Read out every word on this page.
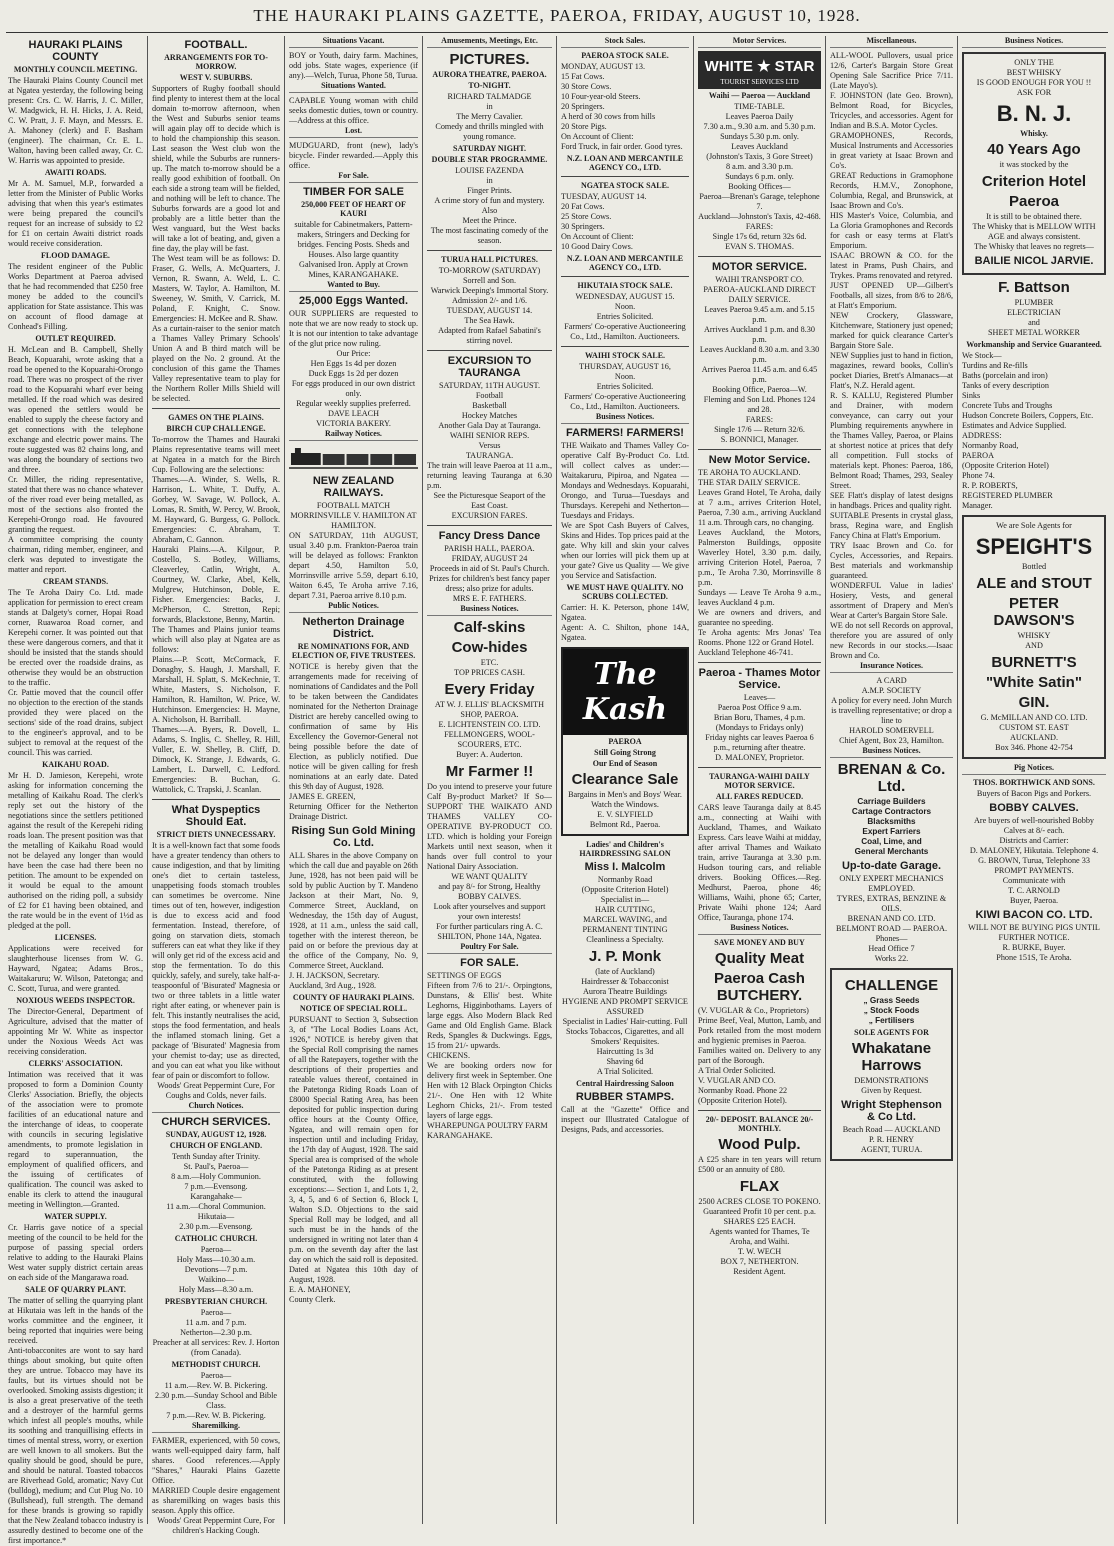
THE HAURAKI PLAINS GAZETTE, PAEROA, FRIDAY, AUGUST 10, 1928.
HAURAKI PLAINS COUNTY
MONTHLY COUNCIL MEETING.

The Hauraki Plains County Council met at Ngatea yesterday, the following being present: Crs. C. W. Harris, J. C. Miller, W. Madgwick, H. H. Hicks, J. A. Reid, C. W. Pratt, J. F. Mayn, and Messrs. E. A. Mahoney (clerk) and F. Basham (engineer). The chairman, Cr. E. L. Walton, having been called away, Cr. C. W. Harris was appointed to preside.

AWAITI ROADS.

Mr A. M. Samuel, M.P., forwarded a letter from the Minister of Public Works advising that when this year's estimates were being prepared the council's request for an increase of subsidy to £2 for £1 on certain Awaiti district roads would receive consideration.

FLOOD DAMAGE.

The resident engineer of the Public Works Department at Paeroa advised that he had recommended that £250 free money be added to the council's application for State assistance. This was on account of flood damage at Conhead's Filling.

OUTLET REQUIRED.

H. McLean and B. Campbell, Shelly Beach, Kopuarahi, wrote asking that a road be opened to the Kopuarahi-Orongo road. There was no prospect of the river road to the Kopuarahi wharf ever being metalled. If the road which was desired was opened the settlers would be enabled to supply the cheese factory and get connections with the telephone exchange and electric power mains. The route suggested was 82 chains long, and was along the boundary of sections two and three.

Cr. Miller, the riding representative, stated that there was no chance whatever of the river road ever being metalled, as most of the sections also fronted the Kerepehi-Orongo road. He favoured granting the request.

A committee comprising the county chairman, riding member, engineer, and clerk was deputed to investigate the matter and report.

CREAM STANDS.

The Te Aroha Dairy Co. Ltd. made application for permission to erect cream stands at Dalgety's corner, Hopai Road corner, Ruawaroa Road corner, and Kerepehi corner. It was pointed out that these were dangerous corners, and that it should be insisted that the stands should be erected over the roadside drains, as otherwise they would be an obstruction to the traffic.

Cr. Pattie moved that the council offer no objection to the erection of the stands provided they were placed on the sections' side of the road drains, subject to the engineer's approval, and to be subject to removal at the request of the council. This was carried.

KAIKAHU ROAD.

Mr H. D. Jamieson, Kerepehi, wrote asking for information concerning the metalling of Kaikahu Road. The clerk's reply set out the history of the negotiations since the settlers petitioned against the result of the Kerepehi riding roads loan. The present position was that the metalling of Kaikahu Road would not be delayed any longer than would have been the case had there been no petition. The amount to be expended on it would be equal to the amount authorised on the riding poll, a subsidy of £2 for £1 having been obtained, and the rate would be in the event of 1½d as pledged at the poll.

LICENSES.

Applications were received for slaughterhouse licenses from W. G. Hayward, Ngatea; Adams Bros., Waitakaruru; W. Wilson, Patetonga; and C. Scott, Turua, and were granted.

NOXIOUS WEEDS INSPECTOR.

The Director-General, Department of Agriculture, advised that the matter of appointing Mr W. White as inspector under the Noxious Weeds Act was receiving consideration.

CLERKS' ASSOCIATION.

Intimation was received that it was proposed to form a Dominion County Clerks' Association. Briefly, the objects of the association were to promote facilities of an educational nature and the interchange of ideas, to cooperate with councils in securing legislative amendments, to promote legislation in regard to superannuation, the employment of qualified officers, and the issuing of certificates of qualification. The council was asked to enable its clerk to attend the inaugural meeting in Wellington.—Granted.

WATER SUPPLY.

Cr. Harris gave notice of a special meeting of the council to be held for the purpose of passing special orders relative to adding to the Hauraki Plains West water supply district certain areas on each side of the Mangarawa road.

SALE OF QUARRY PLANT.

The matter of selling the quarrying plant at Hikutaia was left in the hands of the works committee and the engineer, it being reported that inquiries were being received.

Anti-tobacconites are wont to say hard things about smoking, but quite often they are untrue. Tobacco may have its faults, but its virtues should not be overlooked. Smoking assists digestion; it is also a great preservative of the teeth and a destroyer of the harmful germs which infest all people's mouths, while its soothing and tranquillising effects in times of mental stress, worry, or exertion are well known to all smokers. But the quality should be good, should be pure, and should be natural. Toasted tobaccos are Riverhead Gold, aromatic; Navy Cut (bulldog), medium; and Cut Plug No. 10 (Bullshead), full strength. The demand for these brands is growing so rapidly that the New Zealand tobacco industry is assuredly destined to become one of the first importance.*

FOOTBALL.
ARRANGEMENTS FOR TO-MORROW.
WEST V. SUBURBS.

Supporters of Rugby football should find plenty to interest them at the local domain to-morrow afternoon, when the West and Suburbs senior teams will again play off to decide which is to hold the championship this season. Last season the West club won the shield, while the Suburbs are runners-up. The match to-morrow should be a really good exhibition of football. On each side a strong team will be fielded, and nothing will be left to chance. The Suburbs forwards are a good lot and probably are a little better than the West vanguard, but the West backs will take a lot of beating, and, given a fine day, the play will be fast.

The West team will be as follows: D. Fraser, G. Wells, A. McQuarters, J. Vernon, R. Swann, A. Weld, L. C. Masters, W. Taylor, A. Hamilton, M. Sweeney, W. Smith, V. Carrick, M. Poland, F. Knight, C. Snow. Emergencies: H. McKee and R. Shaw.

As a curtain-raiser to the senior match a Thames Valley Primary Schools' Union A and B third match will be played on the No. 2 ground. At the conclusion of this game the Thames Valley representative team to play for the Northern Roller Mills Shield will be selected.

GAMES ON THE PLAINS.
BIRCH CUP CHALLENGE.

To-morrow the Thames and Hauraki Plains representative teams will meet at Ngatea in a match for the Birch Cup. Following are the selections:

Thames.—A. Winder, S. Wells, R. Harrison, L. White, T. Duffy, A. Gorbey, W. Savage, W. Pollock, A. Lomas, R. Smith, W. Percy, W. Brook, M. Hayward, G. Burgess, G. Pollock. Emergencies: C. Abraham, T. Abraham, C. Gannon.

Hauraki Plains.—A. Kilgour, P. Costello, S. Botley, Williams, Cleaverley, Catlin, Wright, A. Courtney, W. Clarke, Abel, Kelk, Mulgrew, Hutchinson, Doble, E. Fisher. Emergencies: Backs, J. McPherson, C. Stretton, Repi; forwards, Blackstone, Benny, Martin.

The Thames and Plains junior teams which will also play at Ngatea are as follows:

Plains.—P. Scott, McCormack, F. Donaghy, S. Haugh, J. Marshall, F. Marshall, H. Splatt, S. McKechnie, T. White, Masters, S. Nicholson, F. Hamilton, R. Hamilton, W. Price, W. Hutchinson. Emergencies: H. Mayne, A. Nicholson, H. Barriball.

Thames.—A. Byers, R. Dovell, L. Adams, S. Inglis, C. Shelley, R. Hill, Vuller, E. W. Shelley, B. Cliff, D. Dimock, K. Strange, J. Edwards, G. Lambert, L. Darwell, C. Ledford. Emergencies: B. Buchan, G. Wattolick, C. Trapski, J. Scanlan.

What Dyspeptics Should Eat.
STRICT DIETS UNNECESSARY.

It is a well-known fact that some foods have a greater tendency than others to cause indigestion, and that by limiting one's diet to certain tasteless, unappetising foods stomach troubles can sometimes be overcome. Nine times out of ten, however, indigestion is due to excess acid and food fermentation. Instead, therefore, of going on starvation diets, stomach sufferers can eat what they like if they will only get rid of the excess acid and stop the fermentation. To do this quickly, safely, and surely, take half-a-teaspoonful of 'Bisurated' Magnesia or two or three tablets in a little water right after eating, or whenever pain is felt. This instantly neutralises the acid, stops the food fermentation, and heals the inflamed stomach lining. Get a package of 'Bisurated' Magnesia from your chemist to-day; use as directed, and you can eat what you like without fear of pain or discomfort to follow.

Woods' Great Peppermint Cure, For Coughs and Colds, never fails.

Church Notices.
CHURCH SERVICES.
SUNDAY, AUGUST 12, 1928.
CHURCH OF ENGLAND.

Tenth Sunday after Trinity.
St. Paul's, Paeroa—
8 a.m.—Holy Communion.
7 p.m.—Evensong.
Karangahake—
11 a.m.—Choral Communion.
Hikutaia—
2.30 p.m.—Evensong.

CATHOLIC CHURCH.

Paeroa—
Holy Mass—10.30 a.m.
Devotions—7 p.m.
Waikino—
Holy Mass—8.30 a.m.

PRESBYTERIAN CHURCH.

Paeroa—
11 a.m. and 7 p.m.
Netherton—2.30 p.m.
Preacher at all services: Rev. J. Horton (from Canada).

METHODIST CHURCH.

Paeroa—
11 a.m.—Rev. W. B. Pickering.
2.30 p.m.—Sunday School and Bible Class.
7 p.m.—Rev. W. B. Pickering.

Sharemilking.

FARMER, experienced, with 50 cows, wants well-equipped dairy farm, half shares. Good references.—Apply "Shares," Hauraki Plains Gazette Office.

MARRIED Couple desire engagement as sharemilking on wages basis this season. Apply this office.

Woods' Great Peppermint Cure, For children's Hacking Cough.

Situations Vacant.

BOY or Youth, dairy farm. Machines, odd jobs. State wages, experience (if any).—Welch, Turua, Phone 58, Turua.

Situations Wanted.

CAPABLE Young woman with child seeks domestic duties, town or country.—Address at this office.

Lost.

MUDGUARD, front (new), lady's bicycle. Finder rewarded.—Apply this office.

For Sale.
TIMBER FOR SALE
250,000 FEET OF HEART OF KAURI

suitable for Cabinetmakers, Pattern-makers, Stringers and Decking for bridges. Fencing Posts. Sheds and Houses. Also large quantity Galvanised Iron. Apply at Crown Mines, KARANGAHAKE.

Wanted to Buy.
25,000 Eggs Wanted.

OUR SUPPLIERS are requested to note that we are now ready to stock up. It is not our intention to take advantage of the glut price now ruling.

Our Price:
Hen Eggs 1s 4d per dozen
Duck Eggs 1s 2d per dozen
For eggs produced in our own district only.
Regular weekly supplies preferred.
DAVE LEACH
VICTORIA BAKERY.

Railway Notices.
NEW ZEALAND RAILWAYS.

FOOTBALL MATCH
MORRINSVILLE V. HAMILTON AT HAMILTON.

ON SATURDAY, 11th AUGUST, usual 3.40 p.m. Frankton-Paeroa train will be delayed as follows: Frankton depart 4.50, Hamilton 5.0, Morrinsville arrive 5.59, depart 6.10, Waiton 6.45, Te Aroha arrive 7.16, depart 7.31, Paeroa arrive 8.10 p.m.

Public Notices.
Netherton Drainage District.
RE NOMINATIONS FOR, AND ELECTION OF, FIVE TRUSTEES.

NOTICE is hereby given that the arrangements made for receiving of nominations of Candidates and the Poll to be taken between the Candidates nominated for the Netherton Drainage District are hereby cancelled owing to confirmation of same by His Excellency the Governor-General not being possible before the date of Election, as publicly notified. Due notice will be given calling for fresh nominations at an early date. Dated this 9th day of August, 1928.
JAMES E. GREEN,
Returning Officer for the Netherton Drainage District.

Rising Sun Gold Mining Co. Ltd.

ALL Shares in the above Company on which the call due and payable on 26th June, 1928, has not been paid will be sold by public Auction by T. Mandeno Jackson at their Mart, No. 9, Commerce Street, Auckland, on Wednesday, the 15th day of August, 1928, at 11 a.m., unless the said call, together with the interest thereon, be paid on or before the previous day at the office of the Company, No. 9, Commerce Street, Auckland.
J. H. JACKSON, Secretary.
Auckland, 3rd Aug., 1928.

COUNTY OF HAURAKI PLAINS.
NOTICE OF SPECIAL ROLL.

PURSUANT to Section 3, Subsection 3, of "The Local Bodies Loans Act, 1926," NOTICE is hereby given that the Special Roll comprising the names of all the Ratepayers, together with the descriptions of their properties and rateable values thereof, contained in the Patetonga Riding Roads Loan of £8000 Special Rating Area, has been deposited for public inspection during office hours at the County Office, Ngatea, and will remain open for inspection until and including Friday, the 17th day of August, 1928. The said Special area is comprised of the whole of the Patetonga Riding as at present constituted, with the following exceptions:— Section 1, and Lots 1, 2, 3, 4, 5, and 6 of Section 6, Block I, Walton S.D. Objections to the said Special Roll may be lodged, and all such must be in the hands of the undersigned in writing not later than 4 p.m. on the seventh day after the last day on which the said roll is deposited. Dated at Ngatea this 10th day of August, 1928.
E. A. MAHONEY,
County Clerk.

Amusements, Meetings, Etc.
PICTURES.
AURORA THEATRE, PAEROA.
TO-NIGHT.

RICHARD TALMADGE
in
The Merry Cavalier.

Comedy and thrills mingled with young romance.

SATURDAY NIGHT.
DOUBLE STAR PROGRAMME.

LOUISE FAZENDA
in
Finger Prints.

A crime story of fun and mystery.
Also
Meet the Prince.
The most fascinating comedy of the season.

TURUA HALL PICTURES.

TO-MORROW (SATURDAY)
Sorrell and Son.
Warwick Deeping's Immortal Story.
Admission 2/- and 1/6.

TUESDAY, AUGUST 14.
The Sea Hawk.
Adapted from Rafael Sabatini's stirring novel.

EXCURSION TO TAURANGA

SATURDAY, 11TH AUGUST.
Football
Basketball
Hockey Matches
Another Gala Day at Tauranga.
WAIHI SENIOR REPS.
Versus
TAURANGA.

The train will leave Paeroa at 11 a.m., returning leaving Tauranga at 6.30 p.m.

See the Picturesque Seaport of the East Coast.
EXCURSION FARES.

Fancy Dress Dance

PARISH HALL, PAEROA.
FRIDAY, AUGUST 24
Proceeds in aid of St. Paul's Church. Prizes for children's best fancy paper dress; also prize for adults.
MRS E. F. FATHERS.

Business Notices.
Calf-skins
Cow-hides

ETC.
TOP PRICES CASH.

Every Friday

AT W. J. ELLIS' BLACKSMITH SHOP, PAEROA.
E. LICHTENSTEIN CO. LTD.
FELLMONGERS, WOOL-SCOURERS, ETC.
Buyer: A. Auderton.

Mr Farmer !!

Do you intend to preserve your future Calf By-product Market? If So—SUPPORT THE WAIKATO AND THAMES VALLEY CO-OPERATIVE BY-PRODUCT CO. LTD. which is holding your Foreign Markets until next season, when it hands over full control to your National Dairy Association.

WE WANT QUALITY
and pay 8/- for Strong, Healthy BOBBY CALVES.
Look after yourselves and support your own interests!
For further particulars ring A. C. SHILTON, Phone 14A, Ngatea.

Poultry For Sale.
FOR SALE.

SETTINGS OF EGGS
Fifteen from 7/6 to 21/-. Orpingtons, Dunstans, & Ellis' best. White Leghorns, Higginbothams. Layers of large eggs. Also Modern Black Red Game and Old English Game. Black Reds, Spangles & Duckwings. Eggs, 15 from 21/- upwards.

CHICKENS.
We are booking orders now for delivery first week in September. One Hen with 12 Black Orpington Chicks 21/-. One Hen with 12 White Leghorn Chicks, 21/-. From tested layers of large eggs.
WHAREPUNGA POULTRY FARM
KARANGAHAKE.

Stock Sales.
PAEROA STOCK SALE.

MONDAY, AUGUST 13.
15 Fat Cows.
30 Store Cows.
10 Four-year-old Steers.
20 Springers.
A herd of 30 cows from hills
20 Store Pigs.
On Account of Client:
Ford Truck, in fair order. Good tyres.

N.Z. LOAN AND MERCANTILE AGENCY CO., LTD.
NGATEA STOCK SALE.

TUESDAY, AUGUST 14.
20 Fat Cows.
25 Store Cows.
30 Springers.
On Account of Client:
10 Good Dairy Cows.

N.Z. LOAN AND MERCANTILE AGENCY CO., LTD.
HIKUTAIA STOCK SALE.

WEDNESDAY, AUGUST 15.
Noon.
Entries Solicited.
Farmers' Co-operative Auctioneering Co., Ltd., Hamilton. Auctioneers.

WAIHI STOCK SALE.

THURSDAY, AUGUST 16,
Noon.
Entries Solicited.
Farmers' Co-operative Auctioneering Co., Ltd., Hamilton. Auctioneers.

Business Notices.
FARMERS! FARMERS!

THE Waikato and Thames Valley Co-operative Calf By-Product Co. Ltd. will collect calves as under:— Waitakaruru, Pipiroa, and Ngatea — Mondays and Wednesdays. Kopuarahi, Orongo, and Turua—Tuesdays and Thursdays. Kerepehi and Netherton—Tuesdays and Fridays.

We are Spot Cash Buyers of Calves, Skins and Hides. Top prices paid at the gate. Why kill and skin your calves when our lorries will pick them up at your gate? Give us Quality — We give you Service and Satisfaction.

WE MUST HAVE QUALITY. NO SCRUBS COLLECTED.

Carrier: H. K. Peterson, phone 14W, Ngatea.
Agent: A. C. Shilton, phone 14A, Ngatea.

The Kash
PAEROA
Still Going Strong
Our End of Season
Clearance Sale

Bargains in Men's and Boys' Wear. Watch the Windows.

E. V. SLYFIELD
Belmont Rd., Paeroa.

Ladies' and Children's HAIRDRESSING SALON
Miss I. Malcolm

Normanby Road
(Opposite Criterion Hotel)
Specialist in—
HAIR CUTTING,
MARCEL WAVING, and
PERMANENT TINTING
Cleanliness a Specialty.

J. P. Monk

(late of Auckland)
Hairdresser & Tobacconist
Aurora Theatre Buildings
HYGIENE AND PROMPT SERVICE ASSURED
Specialist in Ladies' Hair-cutting. Full Stocks Tobaccos, Cigarettes, and all Smokers' Requisites.
Haircutting 1s 3d
Shaving 6d
A Trial Solicited.

Central Hairdressing Saloon
RUBBER STAMPS.

Call at the "Gazette" Office and inspect our Illustrated Catalogue of Designs, Pads, and accessories.

Motor Services.
WHITE ★ STAR
TOURIST SERVICES LTD
Waihi — Paeroa — Auckland

TIME-TABLE.
Leaves Paeroa Daily
7.30 a.m., 9.30 a.m. and 5.30 p.m.
Sundays 5.30 p.m. only.
Leaves Auckland
(Johnston's Taxis, 3 Gore Street)
8 a.m. and 3.30 p.m.
Sundays 6 p.m. only.
Booking Offices—
Paeroa—Brenan's Garage, telephone 7.
Auckland—Johnston's Taxis, 42-468.
FARES:
Single 17s 6d, return 32s 6d.
EVAN S. THOMAS.

MOTOR SERVICE.

WAIHI TRANSPORT CO.
PAEROA-AUCKLAND DIRECT DAILY SERVICE.
Leaves Paeroa 9.45 a.m. and 5.15 p.m.
Arrives Auckland 1 p.m. and 8.30 p.m.
Leaves Auckland 8.30 a.m. and 3.30 p.m.
Arrives Paeroa 11.45 a.m. and 6.45 p.m.
Booking Office, Paeroa—W. Fleming and Son Ltd. Phones 124 and 28.
FARES:
Single 17/6 — Return 32/6.
S. BONNICI, Manager.

New Motor Service.

TE AROHA TO AUCKLAND.
THE STAR DAILY SERVICE.
Leaves Grand Hotel, Te Aroha, daily at 7 a.m., arrives Criterion Hotel, Paeroa, 7.30 a.m., arriving Auckland 11 a.m. Through cars, no changing.
Leaves Auckland, the Motors, Palmerston Buildings, opposite Waverley Hotel, 3.30 p.m. daily, arriving Criterion Hotel, Paeroa, 7 p.m., Te Aroha 7.30, Morrinsville 8 p.m.
Sundays — Leave Te Aroha 9 a.m., leaves Auckland 4 p.m.
We are owners and drivers, and guarantee no speeding.
Te Aroha agents: Mrs Jonas' Tea Rooms. Phone 122 or Grand Hotel.
Auckland Telephone 46-741.

Paeroa - Thames Motor Service.

Leaves—
Paeroa Post Office 9 a.m.
Brian Boru, Thames, 4 p.m.
(Mondays to Fridays only)
Friday nights car leaves Paeroa 6 p.m., returning after theatre.
D. MALONEY, Proprietor.

TAURANGA-WAIHI DAILY MOTOR SERVICE.
ALL FARES REDUCED.

CARS leave Tauranga daily at 8.45 a.m., connecting at Waihi with Auckland, Thames, and Waikato Express. Cars leave Waihi at midday, after arrival Thames and Waikato train, arrive Tauranga at 3.30 p.m. Hudson touring cars, and reliable drivers. Booking Offices.—Reg. Medhurst, Paeroa, phone 46; Williams, Waihi, phone 65; Carter, Private Waihi phone 124; Aard Office, Tauranga, phone 174.

Business Notices.
SAVE MONEY AND BUY
Quality Meat
Paeroa Cash BUTCHERY.

(V. VUGLAR & Co., Proprietors)
Prime Beef, Veal, Mutton, Lamb, and Pork retailed from the most modern and hygienic premises in Paeroa.
Families waited on. Delivery to any part of the Borough.
A Trial Order Solicited.
V. VUGLAR AND CO.
Normanby Road. Phone 22
(Opposite Criterion Hotel).

20/- DEPOSIT. BALANCE 20/- MONTHLY.
Wood Pulp.

A £25 share in ten years will return £500 or an annuity of £80.

FLAX

2500 ACRES CLOSE TO POKENO.
Guaranteed Profit 10 per cent. p.a.
SHARES £25 EACH.
Agents wanted for Thames, Te Aroha, and Waihi.
T. W. WECH
BOX 7, NETHERTON.
Resident Agent.

Miscellaneous.

ALL-WOOL Pullovers, usual price 12/6, Carter's Bargain Store Great Opening Sale Sacrifice Price 7/11. (Late Mayo's).

F. JOHNSTON (late Geo. Brown), Belmont Road, for Bicycles, Tricycles, and accessories. Agent for Indian and B.S.A. Motor Cycles.

GRAMOPHONES, Records, Musical Instruments and Accessories in great variety at Isaac Brown and Co's.

GREAT Reductions in Gramophone Records, H.M.V., Zonophone, Columbia, Regal, and Brunswick, at Isaac Brown and Co's.

HIS Master's Voice, Columbia, and La Gloria Gramophones and Records for cash or easy terms at Flatt's Emporium.

ISAAC BROWN & CO. for the latest in Prams, Push Chairs, and Trykes. Prams renovated and retyred.

JUST OPENED UP—Gilbert's Footballs, all sizes, from 8/6 to 28/6, at Flatt's Emporium.

NEW Crockery, Glassware, Kitchenware, Stationery just opened; marked for quick clearance Carter's Bargain Store Sale.

NEW Supplies just to hand in fiction, magazines, reward books, Collin's pocket Diaries, Brett's Almanacs—at Flatt's, N.Z. Herald agent.

R. S. KALLU, Registered Plumber and Drainer, with modern conveyance, can carry out your Plumbing requirements anywhere in the Thames Valley, Paeroa, or Plains at shortest notice at prices that defy all competition. Full stocks of materials kept. Phones: Paeroa, 186, Belmont Road; Thames, 293, Sealey Street.

SEE Flatt's display of latest designs in handbags. Prices and quality right.

SUITABLE Presents in crystal glass, brass, Regina ware, and English Fancy China at Flatt's Emporium.

TRY Isaac Brown and Co. for Cycles, Accessories, and Repairs. Best materials and workmanship guaranteed.

WONDERFUL Value in ladies' Hosiery, Vests, and general assortment of Drapery and Men's Wear at Carter's Bargain Store Sale.

WE do not sell Records on approval, therefore you are assured of only new Records in our stocks.—Isaac Brown and Co.

Insurance Notices.

A CARD
A.M.P. SOCIETY
A policy for every need. John Murch is travelling representative; or drop a line to
HAROLD SOMERVELL
Chief Agent, Box 23, Hamilton.

Business Notices.
BRENAN & Co. Ltd.

Carriage Builders
Cartage Contractors
Blacksmiths
Expert Farriers
Coal, Lime, and
General Merchants

Up-to-date Garage.

ONLY EXPERT MECHANICS EMPLOYED.
TYRES, EXTRAS, BENZINE & OILS.
BRENAN AND CO. LTD.
BELMONT ROAD — PAEROA.
Phones—
Head Office 7
Works 22.

CHALLENGE

„ Grass Seeds
„ Stock Foods
„ Fertilisers

SOLE AGENTS FOR
Whakatane Harrows

DEMONSTRATIONS
Given by Request.

Wright Stephenson & Co Ltd.

Beach Road — AUCKLAND
P. R. HENRY
AGENT, TURUA.

Business Notices.

ONLY THE
BEST WHISKY
IS GOOD ENOUGH FOR YOU !!
ASK FOR

B. N. J.
Whisky.
40 Years Ago

it was stocked by the

Criterion Hotel
Paeroa

It is still to be obtained there.
The Whisky that is MELLOW WITH AGE and always consistent.
The Whisky that leaves no regrets—

BAILIE NICOL JARVIE.
F. Battson

PLUMBER
ELECTRICIAN
and
SHEET METAL WORKER

Workmanship and Service Guaranteed.

We Stock—
Turdins and Re-fills
Baths (porcelain and iron)
Tanks of every description
Sinks
Concrete Tubs and Troughs
Hudson Concrete Boilers, Coppers, Etc.
Estimates and Advice Supplied.
ADDRESS:
Normanby Road,
PAEROA
(Opposite Criterion Hotel)
Phone 74.
R. P. ROBERTS,
REGISTERED PLUMBER
Manager.

We are Sole Agents for

SPEIGHT'S

Bottled

ALE and STOUT
PETER DAWSON'S

WHISKY
AND

BURNETT'S
"White Satin"
GIN.

G. McMILLAN AND CO. LTD.
CUSTOM ST. EAST
AUCKLAND.
Box 346. Phone 42-754

Pig Notices.
THOS. BORTHWICK AND SONS.

Buyers of Bacon Pigs and Porkers.

BOBBY CALVES.

Are buyers of well-nourished Bobby Calves at 8/- each.
Districts and Carrier:
D. MALONEY, Hikutaia. Telephone 4.
G. BROWN, Turua, Telephone 33
PROMPT PAYMENTS.
Communicate with
T. C. ARNOLD
Buyer, Paeroa.

KIWI BACON CO. LTD.

WILL NOT BE BUYING PIGS UNTIL FURTHER NOTICE.
R. BURKE, Buyer.
Phone 151S, Te Aroha.
